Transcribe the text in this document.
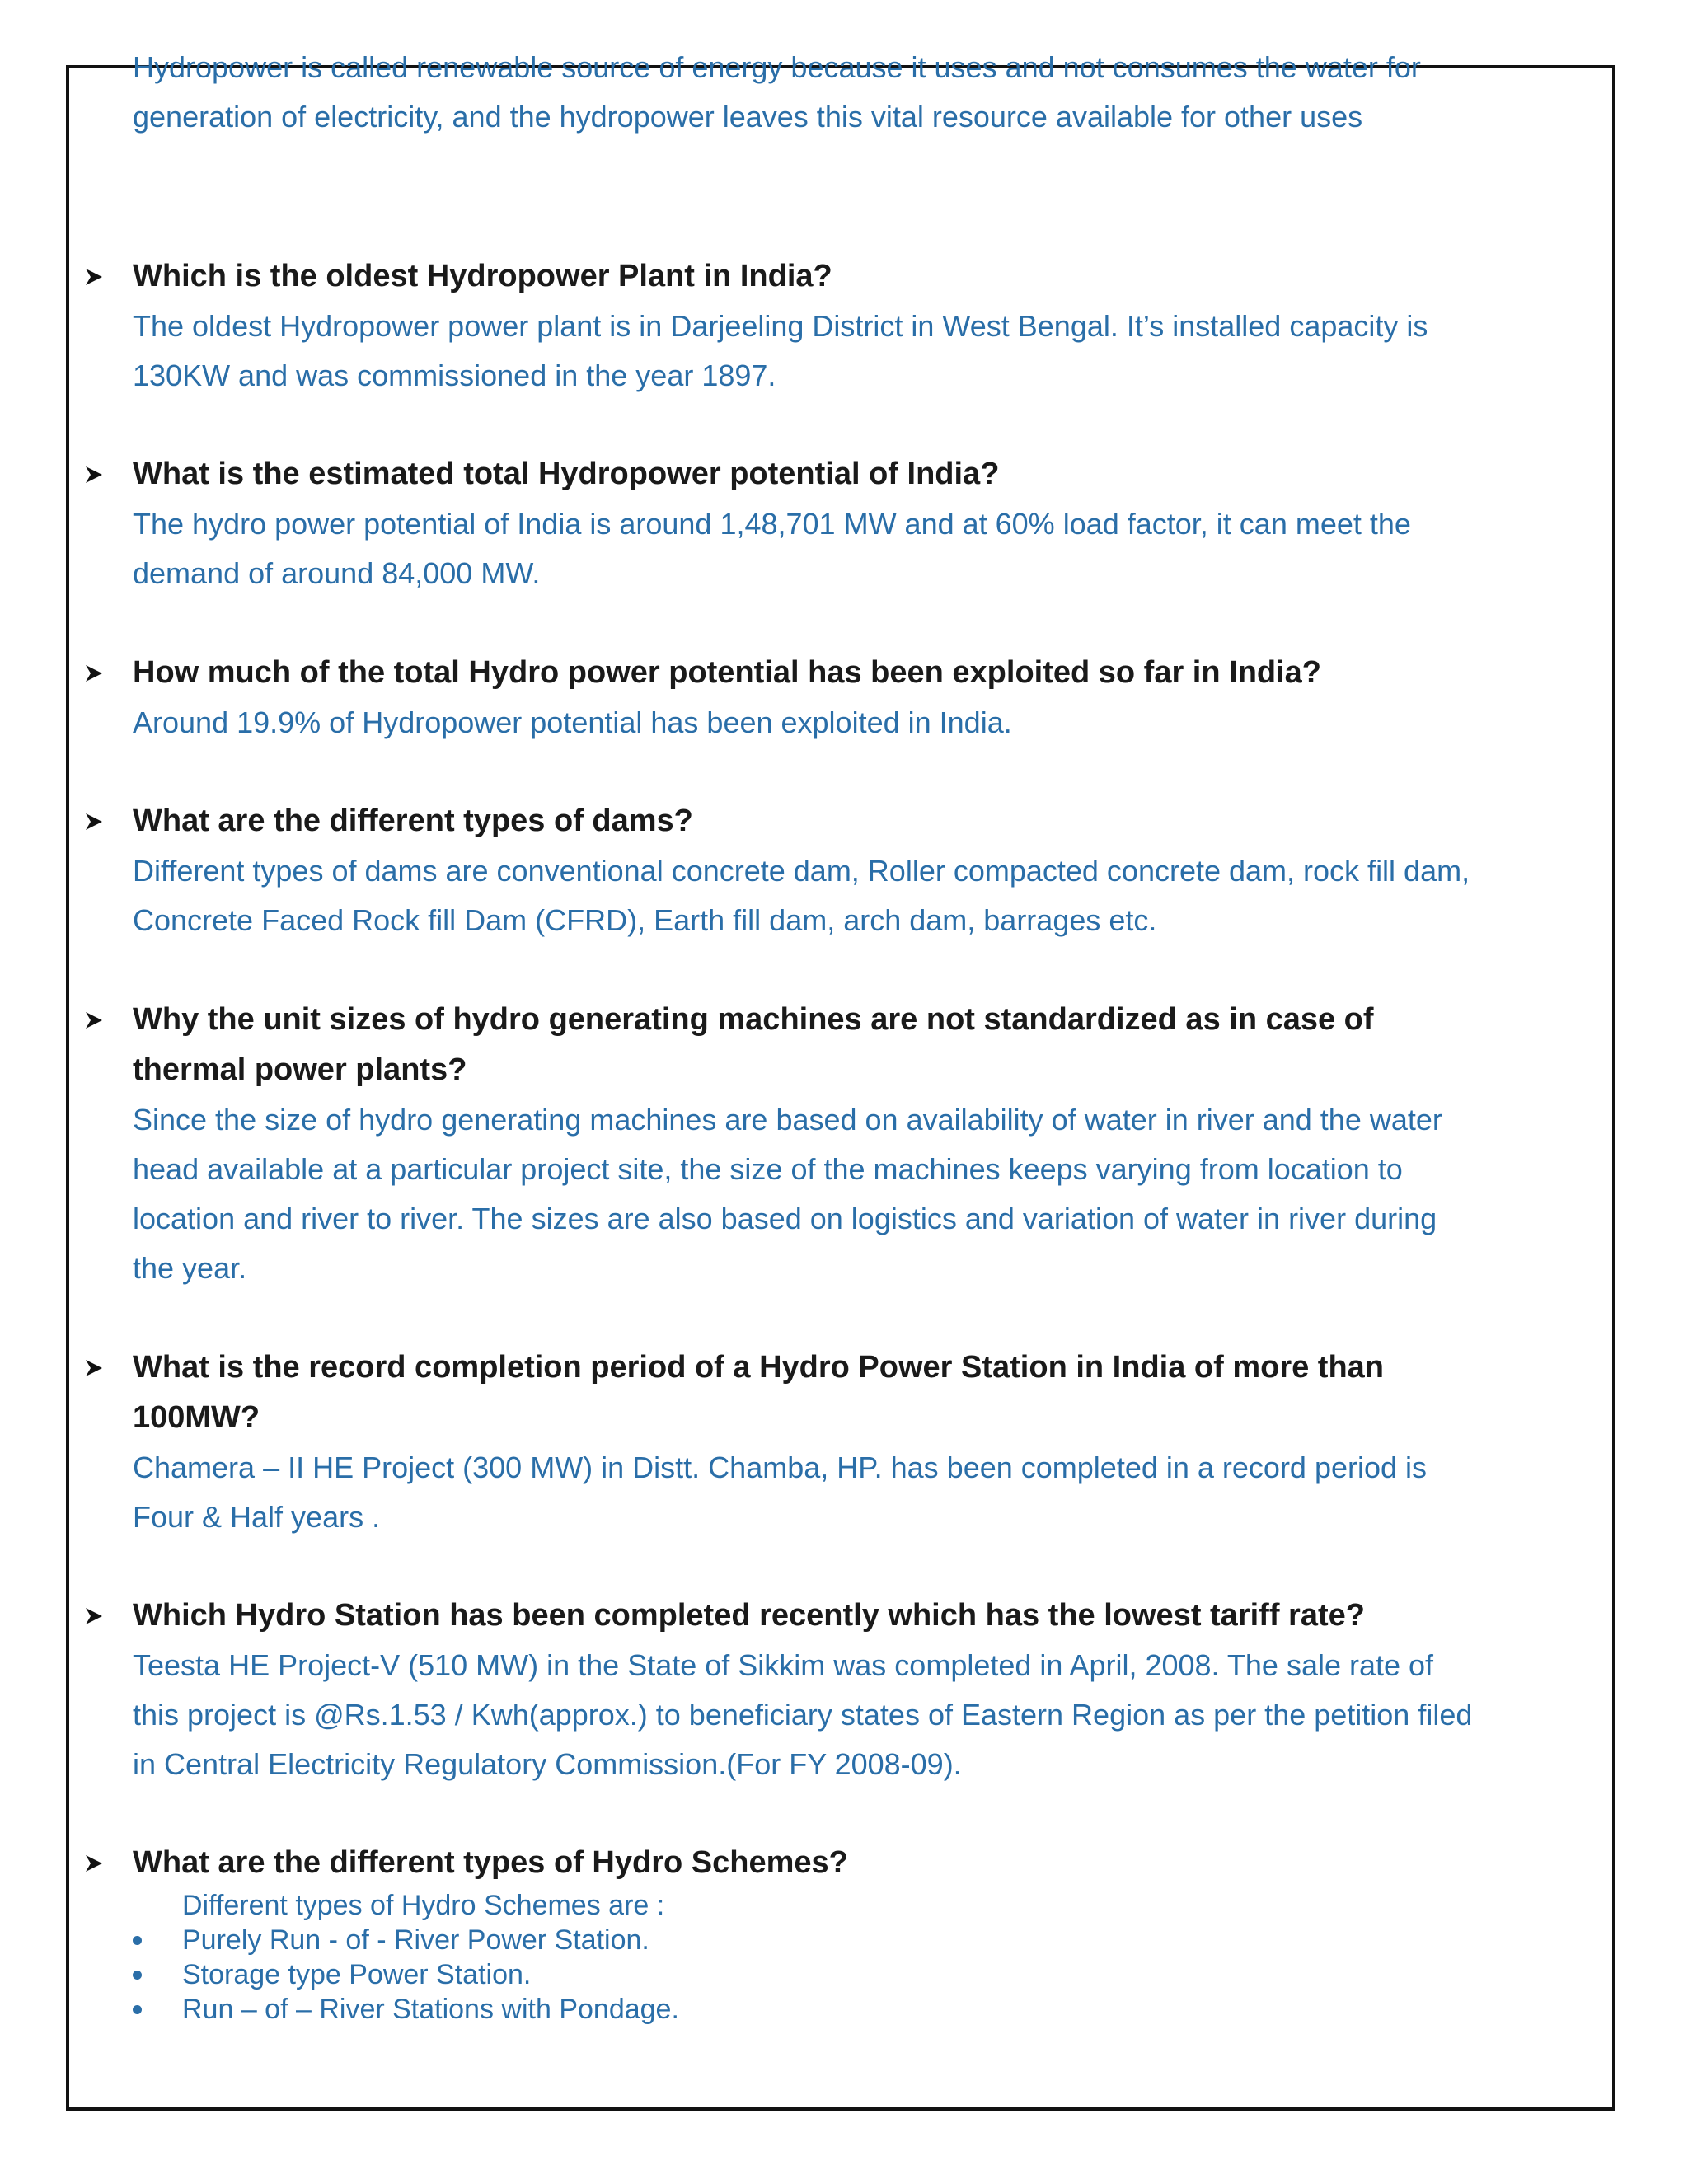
Hydropower is called renewable source of energy because it uses and not consumes the water for generation of electricity, and the hydropower leaves this vital resource available for other uses

Which is the oldest Hydropower Plant in India?

The oldest Hydropower power plant is in Darjeeling District in West Bengal. It’s installed capacity is 130KW and was commissioned in the year 1897.

What is the estimated total Hydropower potential of India?

The hydro power potential of India is around 1,48,701 MW and at 60% load factor, it can meet the demand of around 84,000 MW.

How much of the total Hydro power potential has been exploited so far in India?

Around 19.9% of Hydropower potential has been exploited in India.

What are the different types of dams?

Different types of dams are conventional concrete dam, Roller compacted concrete dam, rock fill dam, Concrete Faced Rock fill Dam (CFRD), Earth fill dam, arch dam, barrages etc.

Why the unit sizes of hydro generating machines are not standardized as in case of thermal power plants?

Since the size of hydro generating machines are based on availability of water in river and the water head available at a particular project site, the size of the machines keeps varying from location to location and river to river. The sizes are also based on logistics and variation of water in river during the year.

What is the record completion period of a Hydro Power Station in India of more than 100MW?

Chamera – II HE Project (300 MW) in Distt. Chamba, HP. has been completed in a record period is Four & Half years .

Which Hydro Station has been completed recently which has the lowest tariff rate?

Teesta HE Project-V (510 MW) in the State of Sikkim was completed in April, 2008. The sale rate of this project is @Rs.1.53 / Kwh(approx.) to beneficiary states of Eastern Region as per the petition filed in Central Electricity Regulatory Commission.(For FY 2008-09).

What are the different types of Hydro Schemes?

Different types of Hydro Schemes are :

Purely Run - of - River Power Station.
Storage type Power Station.
Run – of – River Stations with Pondage.
